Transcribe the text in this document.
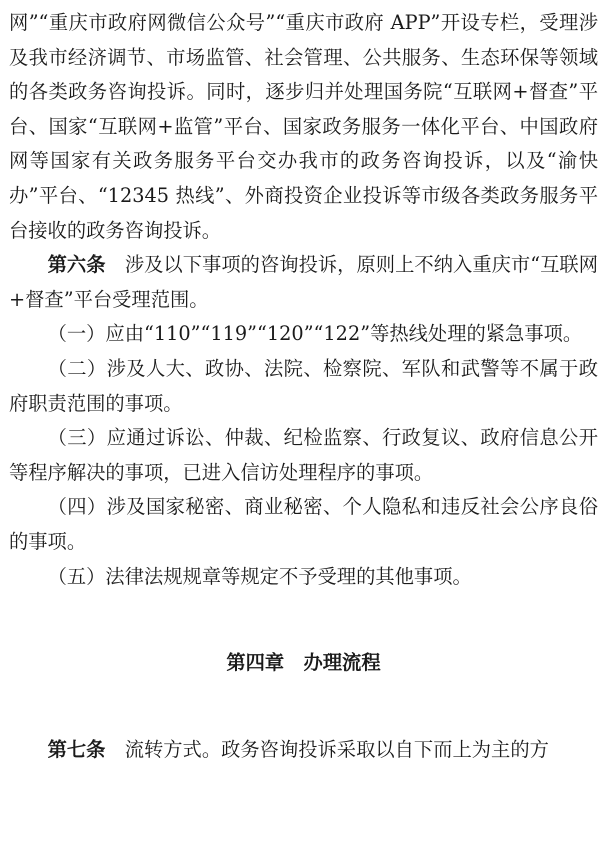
网”“重庆市政府网微信公众号”“重庆市政府 APP”开设专栏，受理涉及我市经济调节、市场监管、社会管理、公共服务、生态环保等领域的各类政务咨询投诉。同时，逐步归并处理国务院“互联网+督查”平台、国家“互联网+监管”平台、国家政务服务一体化平台、中国政府网等国家有关政务服务平台交办我市的政务咨询投诉，以及“渝快办”平台、“12345 热线”、外商投资企业投诉等市级各类政务服务平台接收的政务咨询投诉。

第六条　涉及以下事项的咨询投诉，原则上不纳入重庆市“互联网+督查”平台受理范围。

（一）应由“110”“119”“120”“122”等热线处理的紧急事项。

（二）涉及人大、政协、法院、检察院、军队和武警等不属于政府职责范围的事项。

（三）应通过诉讼、仲裁、纪检监察、行政复议、政府信息公开等程序解决的事项，已进入信访处理程序的事项。

（四）涉及国家秘密、商业秘密、个人隐私和违反社会公序良俗的事项。

（五）法律法规规章等规定不予受理的其他事项。

第四章　办理流程

第七条　流转方式。政务咨询投诉采取以自下而上为主的方
